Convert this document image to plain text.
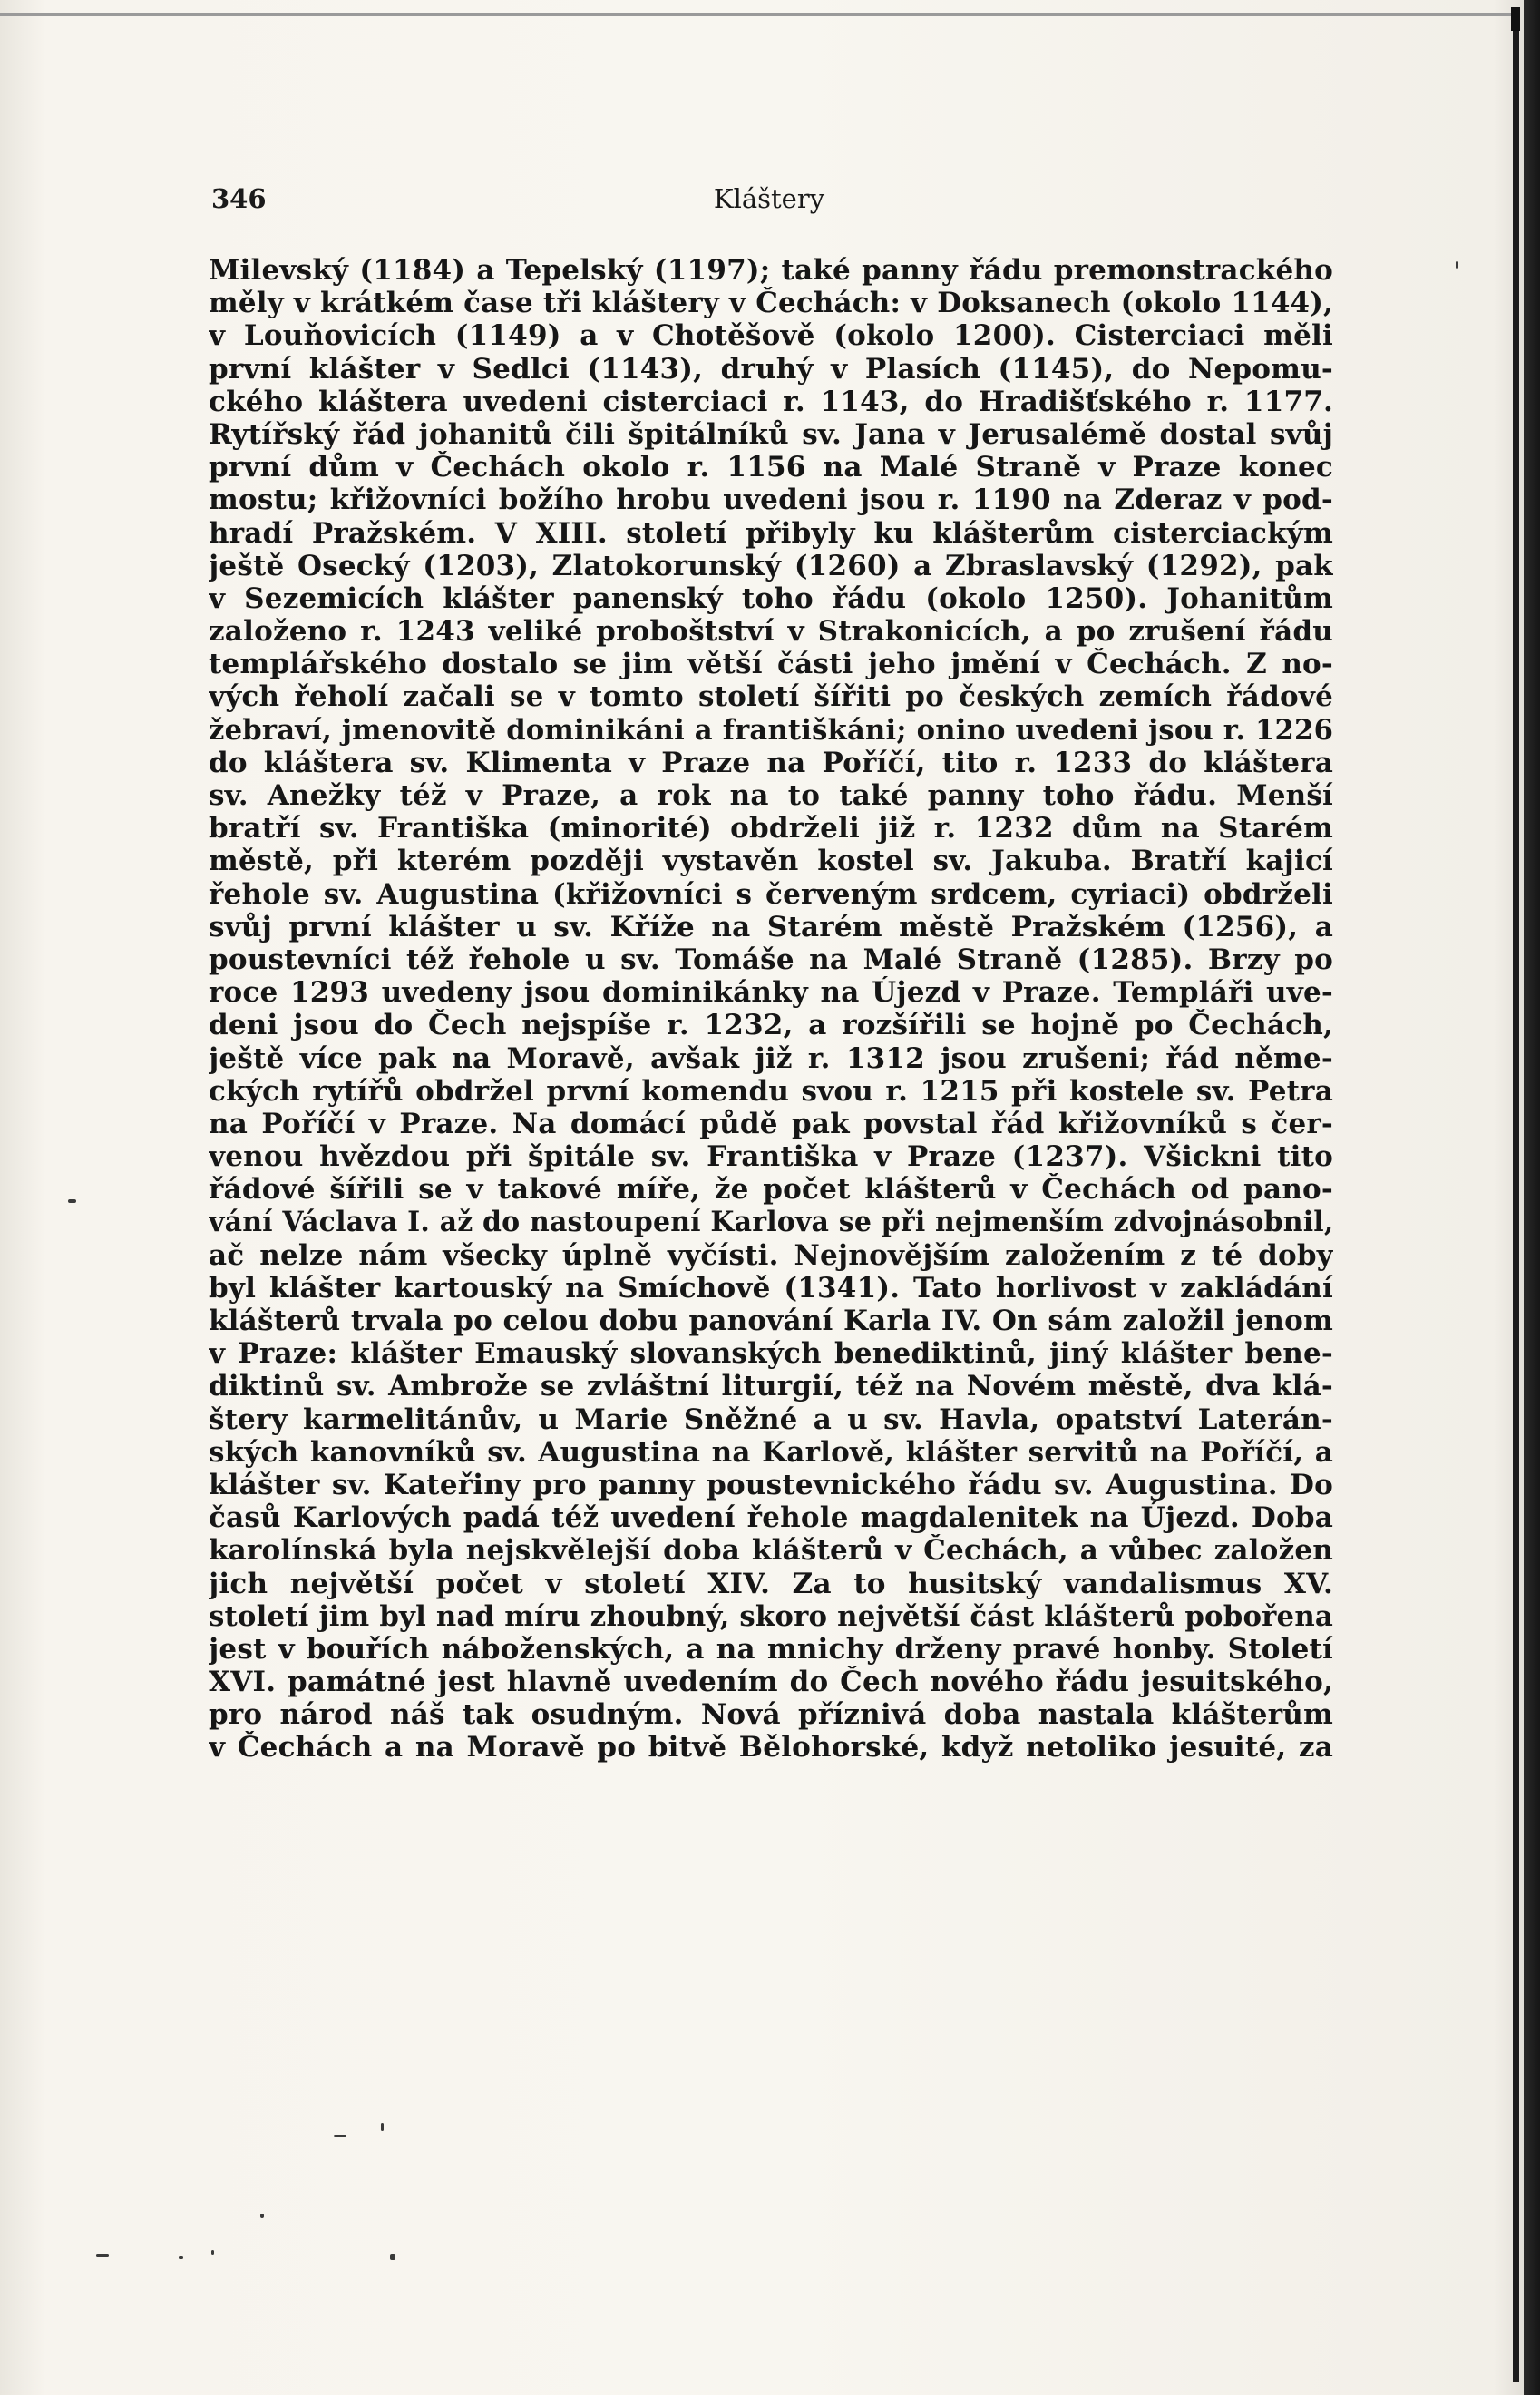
346	Kláštery
Milevský (1184) a Tepelský (1197); také panny řádu premonstrackého
měly v krátkém čase tři kláštery v Čechách: v Doksanech (okolo 1144),
v Louňovicích (1149) a v Chotěšově (okolo 1200). Cisterciaci měli
první klášter v Sedlci (1143), druhý v Plasích (1145), do Nepomu-
ckého kláštera uvedeni cisterciaci r. 1143, do Hradišťského r. 1177.
Rytířský řád johanitů čili špitálníků sv. Jana v Jerusalémě dostal svůj
první dům v Čechách okolo r. 1156 na Malé Straně v Praze konec
mostu; křižovníci božího hrobu uvedeni jsou r. 1190 na Zderaz v pod-
hradí Pražském. V XIII. století přibyly ku klášterům cisterciackým
ještě Osecký (1203), Zlatokorunský (1260) a Zbraslavský (1292), pak
v Sezemicích klášter panenský toho řádu (okolo 1250). Johanitům
založeno r. 1243 veliké proboštství v Strakonicích, a po zrušení řádu
templářského dostalo se jim větší části jeho jmění v Čechách. Z no-
vých řeholí začali se v tomto století šířiti po českých zemích řádové
žebraví, jmenovitě dominikáni a františkáni; onino uvedeni jsou r. 1226
do kláštera sv. Klimenta v Praze na Poříčí, tito r. 1233 do kláštera
sv. Anežky též v Praze, a rok na to také panny toho řádu. Menší
bratří sv. Františka (minorité) obdrželi již r. 1232 dům na Starém
městě, při kterém později vystavěn kostel sv. Jakuba. Bratří kajicí
řehole sv. Augustina (křižovníci s červeným srdcem, cyriaci) obdrželi
svůj první klášter u sv. Kříže na Starém městě Pražském (1256), a
poustevníci též řehole u sv. Tomáše na Malé Straně (1285). Brzy po
roce 1293 uvedeny jsou dominikánky na Újezd v Praze. Templáři uve-
deni jsou do Čech nejspíše r. 1232, a rozšířili se hojně po Čechách,
ještě více pak na Moravě, avšak již r. 1312 jsou zrušeni; řád něme-
ckých rytířů obdržel první komendu svou r. 1215 při kostele sv. Petra
na Poříčí v Praze. Na domácí půdě pak povstal řád křižovníků s čer-
venou hvězdou při špitále sv. Františka v Praze (1237). Všickni tito
řádové šířili se v takové míře, že počet klášterů v Čechách od pano-
vání Václava I. až do nastoupení Karlova se při nejmenším zdvojnásobnil,
ač nelze nám všecky úplně vyčísti. Nejnovějším založením z té doby
byl klášter kartouský na Smíchově (1341). Tato horlivost v zakládání
klášterů trvala po celou dobu panování Karla IV. On sám založil jenom
v Praze: klášter Emauský slovanských benediktinů, jiný klášter bene-
diktinů sv. Ambrože se zvláštní liturgií, též na Novém městě, dva klá-
štery karmelitánův, u Marie Sněžné a u sv. Havla, opatství Laterán-
ských kanovníků sv. Augustina na Karlově, klášter servitů na Poříčí, a
klášter sv. Kateřiny pro panny poustevnického řádu sv. Augustina. Do
časů Karlových padá též uvedení řehole magdalenitek na Újezd. Doba
karolínská byla nejskvělejší doba klášterů v Čechách, a vůbec založen
jich největší počet v století XIV. Za to husitský vandalismus XV.
století jim byl nad míru zhoubný, skoro největší část klášterů pobořena
jest v bouřích náboženských, a na mnichy drženy pravé honby. Století
XVI. památné jest hlavně uvedením do Čech nového řádu jesuitského,
pro národ náš tak osudným. Nová příznivá doba nastala klášterům
v Čechách a na Moravě po bitvě Bělohorské, když netoliko jesuité, za
